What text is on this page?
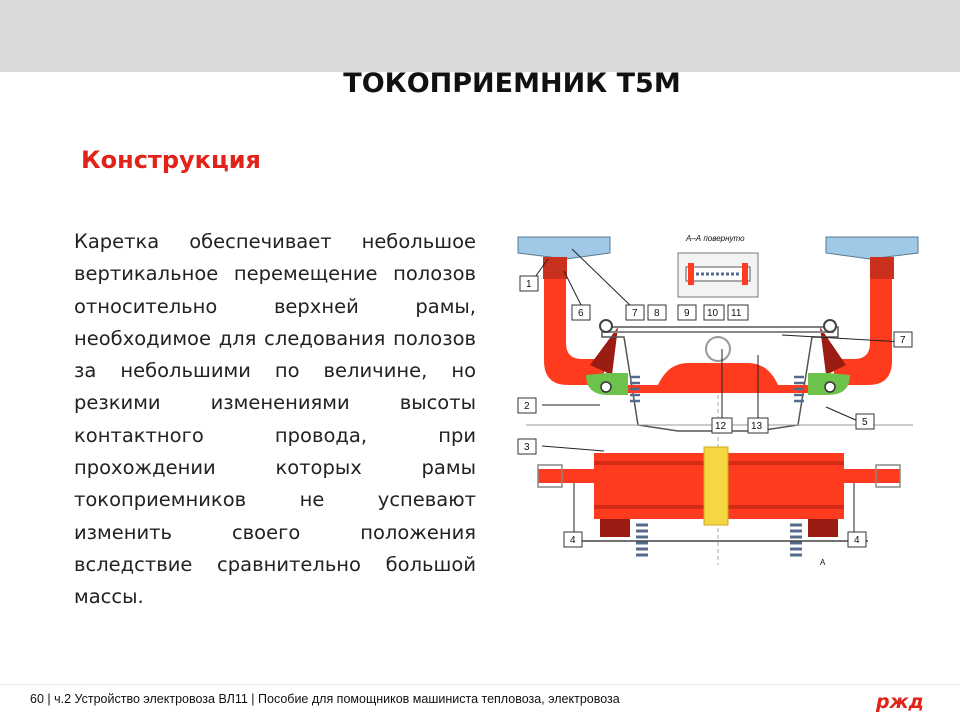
ТОКОПРИЕМНИК Т5М
Конструкция

Каретка обеспечивает небольшое вертикальное перемещение полозов относительно верхней рамы, необходимое для следования полозов за небольшими по величине, но резкими изменениями высоты контактного провода, при прохождении которых рамы токоприемников не успевают изменить своего положения вследствие сравнительно большой массы.

А–А повернуто
А
1
2
3
4	4
5
6	7 8 9 10 11
7
12 13
60 | ч.2 Устройство электровоза ВЛ11 | Пособие для помощников машиниста тепловоза, электровоза	ржд
